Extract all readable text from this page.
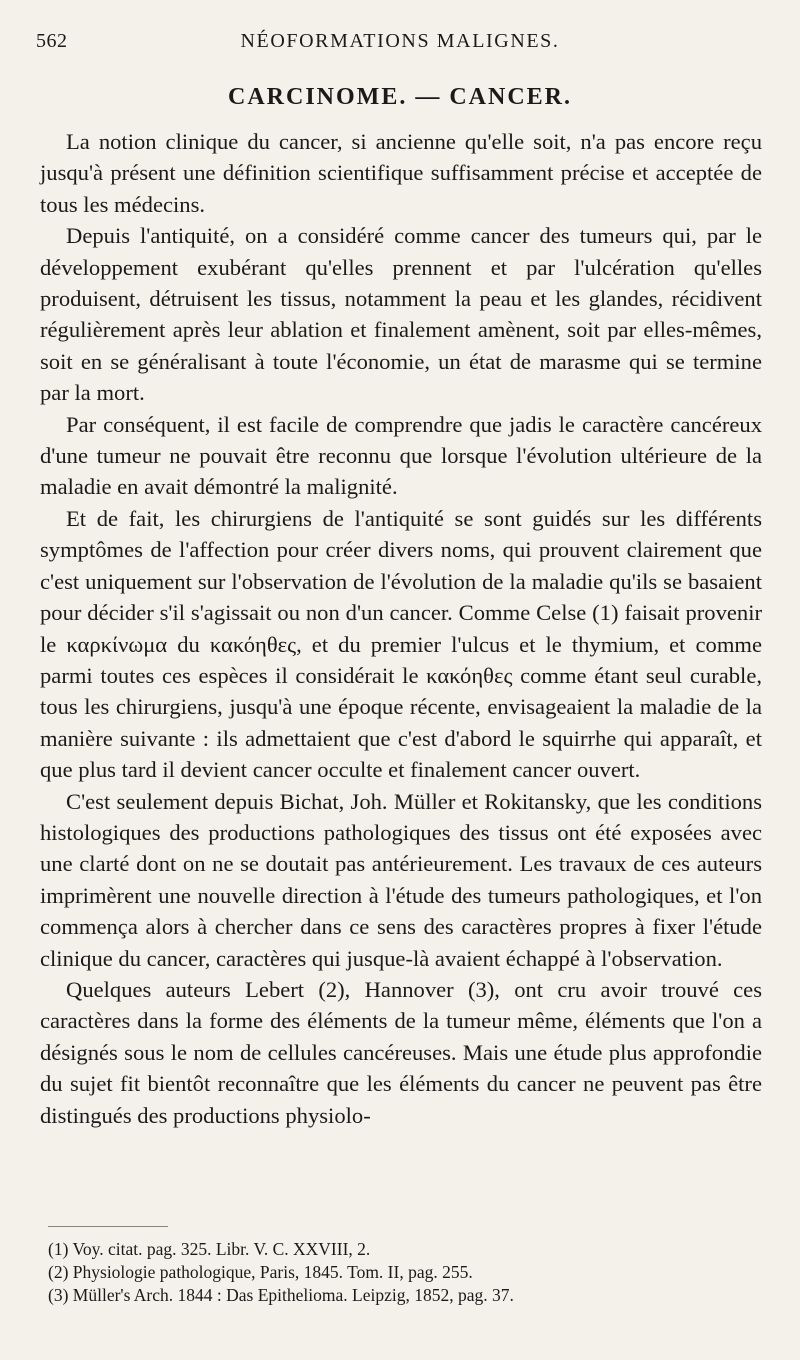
562	NÉOFORMATIONS MALIGNES.
CARCINOME. — CANCER.

La notion clinique du cancer, si ancienne qu'elle soit, n'a pas encore reçu jusqu'à présent une définition scientifique suffisamment précise et acceptée de tous les médecins.

Depuis l'antiquité, on a considéré comme cancer des tumeurs qui, par le développement exubérant qu'elles prennent et par l'ulcération qu'elles produisent, détruisent les tissus, notamment la peau et les glandes, récidivent régulièrement après leur ablation et finalement amènent, soit par elles-mêmes, soit en se généralisant à toute l'économie, un état de marasme qui se termine par la mort.

Par conséquent, il est facile de comprendre que jadis le caractère cancéreux d'une tumeur ne pouvait être reconnu que lorsque l'évolution ultérieure de la maladie en avait démontré la malignité.

Et de fait, les chirurgiens de l'antiquité se sont guidés sur les différents symptômes de l'affection pour créer divers noms, qui prouvent clairement que c'est uniquement sur l'observation de l'évolution de la maladie qu'ils se basaient pour décider s'il s'agissait ou non d'un cancer. Comme Celse (1) faisait provenir le καρκίνωμα du κακόηθες, et du premier l'ulcus et le thymium, et comme parmi toutes ces espèces il considérait le κακόηθες comme étant seul curable, tous les chirurgiens, jusqu'à une époque récente, envisageaient la maladie de la manière suivante : ils admettaient que c'est d'abord le squirrhe qui apparaît, et que plus tard il devient cancer occulte et finalement cancer ouvert.

C'est seulement depuis Bichat, Joh. Müller et Rokitansky, que les conditions histologiques des productions pathologiques des tissus ont été exposées avec une clarté dont on ne se doutait pas antérieurement. Les travaux de ces auteurs imprimèrent une nouvelle direction à l'étude des tumeurs pathologiques, et l'on commença alors à chercher dans ce sens des caractères propres à fixer l'étude clinique du cancer, caractères qui jusque-là avaient échappé à l'observation.

Quelques auteurs Lebert (2), Hannover (3), ont cru avoir trouvé ces caractères dans la forme des éléments de la tumeur même, éléments que l'on a désignés sous le nom de cellules cancéreuses. Mais une étude plus approfondie du sujet fit bientôt reconnaître que les éléments du cancer ne peuvent pas être distingués des productions physiolo-

(1) Voy. citat. pag. 325. Libr. V. C. XXVIII, 2.

(2) Physiologie pathologique, Paris, 1845. Tom. II, pag. 255.

(3) Müller's Arch. 1844 : Das Epithelioma. Leipzig, 1852, pag. 37.
